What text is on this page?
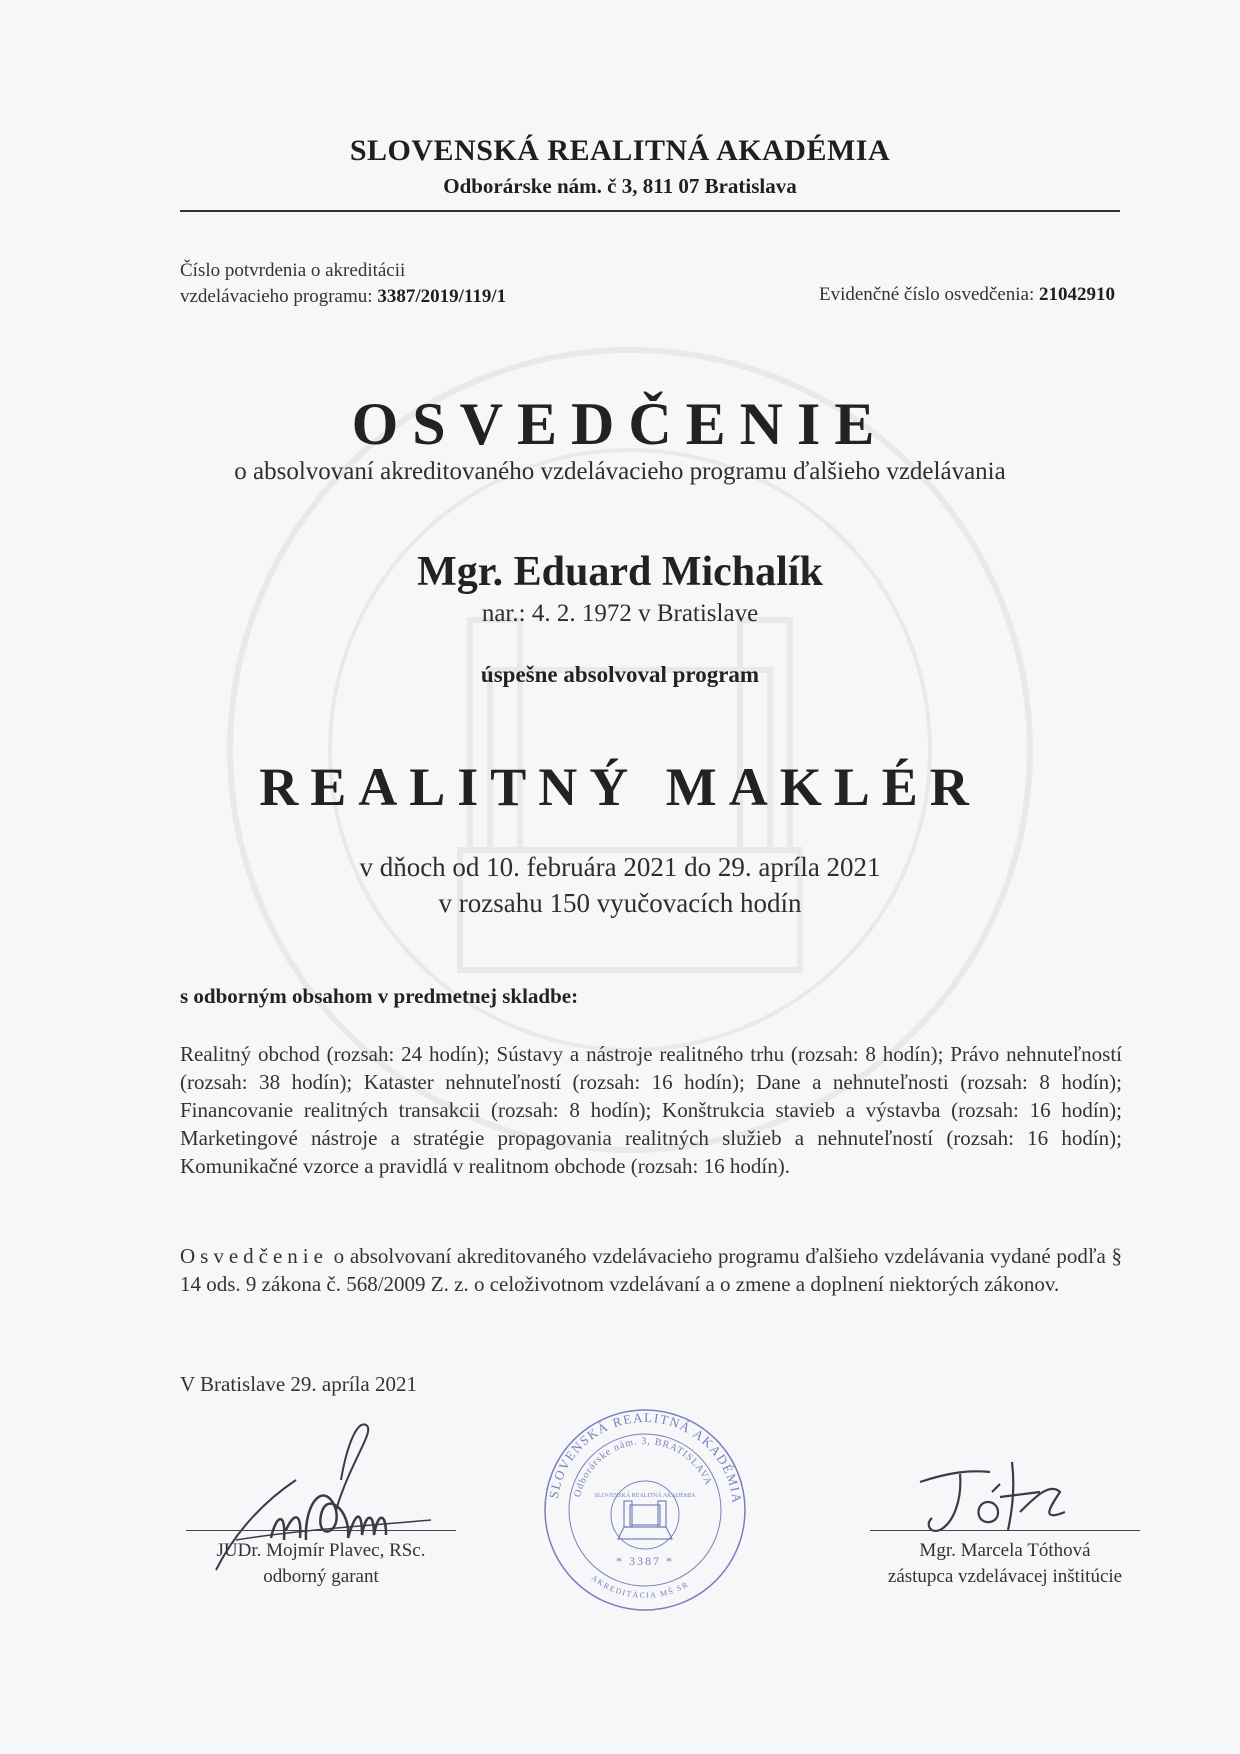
SLOVENSKÁ REALITNÁ AKADÉMIA
Odborárske nám. č 3, 811 07 Bratislava
Číslo potvrdenia o akreditácii
vzdelávacieho programu: 3387/2019/119/1	Evidenčné číslo osvedčenia: 21042910
OSVEDČENIE
o absolvovaní akreditovaného vzdelávacieho programu ďalšieho vzdelávania
Mgr. Eduard Michalík
nar.: 4. 2. 1972 v Bratislave
úspešne absolvoval program
REALITNÝ MAKLÉR
v dňoch od 10. februára 2021 do 29. apríla 2021
v rozsahu 150 vyučovacích hodín
s odborným obsahom v predmetnej skladbe:
Realitný obchod (rozsah: 24 hodín); Sústavy a nástroje realitného trhu (rozsah: 8 hodín); Právo nehnuteľností (rozsah: 38 hodín); Kataster nehnuteľností (rozsah: 16 hodín); Dane a nehnuteľnosti (rozsah: 8 hodín); Financovanie realitných transakcii (rozsah: 8 hodín); Konštrukcia stavieb a výstavba (rozsah: 16 hodín); Marketingové nástroje a stratégie propagovania realitných služieb a nehnuteľností (rozsah: 16 hodín); Komunikačné vzorce a pravidlá v realitnom obchode (rozsah: 16 hodín).
Osvedčenie o absolvovaní akreditovaného vzdelávacieho programu ďalšieho vzdelávania vydané podľa § 14 ods. 9 zákona č. 568/2009 Z. z. o celoživotnom vzdelávaní a o zmene a doplnení niektorých zákonov.
V Bratislave 29. apríla 2021
JUDr. Mojmír Plavec, RSc.
odborný garant
Mgr. Marcela Tóthová
zástupca vzdelávacej inštitúcie
SLOVENSKÁ REALITNÁ AKADÉMIA
Odborárske nám. 3, BRATISLAVA
SLOVENSKÁ REALITNÁ AKADÉMIA
* 3387 *
AKREDITÁCIA MŠ SR
